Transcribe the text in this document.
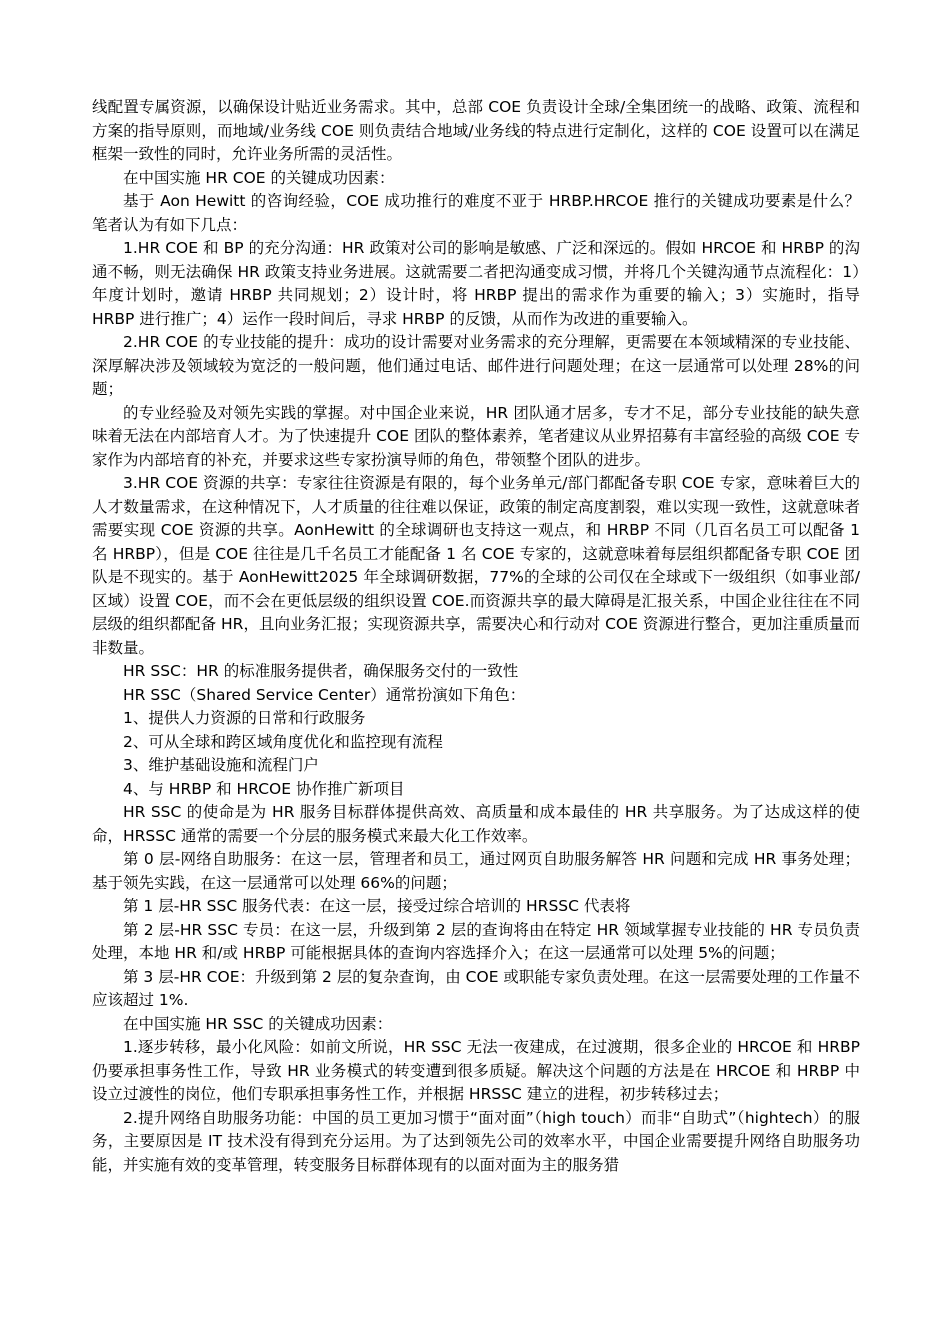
线配置专属资源，以确保设计贴近业务需求。其中，总部 COE 负责设计全球/全集团统一的战略、政策、流程和方案的指导原则，而地域/业务线 COE 则负责结合地域/业务线的特点进行定制化，这样的 COE 设置可以在满足框架一致性的同时，允许业务所需的灵活性。

在中国实施 HR COE 的关键成功因素：

基于 Aon Hewitt 的咨询经验，COE 成功推行的难度不亚于 HRBP.HRCOE 推行的关键成功要素是什么？笔者认为有如下几点：

1.HR COE 和 BP 的充分沟通：HR 政策对公司的影响是敏感、广泛和深远的。假如 HRCOE 和 HRBP 的沟通不畅，则无法确保 HR 政策支持业务进展。这就需要二者把沟通变成习惯，并将几个关键沟通节点流程化：1）年度计划时，邀请 HRBP 共同规划；2）设计时，将 HRBP 提出的需求作为重要的输入；3）实施时，指导 HRBP 进行推广；4）运作一段时间后，寻求 HRBP 的反馈，从而作为改进的重要输入。

2.HR COE 的专业技能的提升：成功的设计需要对业务需求的充分理解，更需要在本领域精深的专业技能、深厚解决涉及领域较为宽泛的一般问题，他们通过电话、邮件进行问题处理；在这一层通常可以处理 28%的问题；

的专业经验及对领先实践的掌握。对中国企业来说，HR 团队通才居多，专才不足，部分专业技能的缺失意味着无法在内部培育人才。为了快速提升 COE 团队的整体素养，笔者建议从业界招募有丰富经验的高级 COE 专家作为内部培育的补充，并要求这些专家扮演导师的角色，带领整个团队的进步。

3.HR COE 资源的共享：专家往往资源是有限的，每个业务单元/部门都配备专职 COE 专家，意味着巨大的人才数量需求，在这种情况下，人才质量的往往难以保证，政策的制定高度割裂，难以实现一致性，这就意味者需要实现 COE 资源的共享。AonHewitt 的全球调研也支持这一观点，和 HRBP 不同（几百名员工可以配备 1 名 HRBP），但是 COE 往往是几千名员工才能配备 1 名 COE 专家的，这就意味着每层组织都配备专职 COE 团队是不现实的。基于 AonHewitt2025 年全球调研数据，77%的全球的公司仅在全球或下一级组织（如事业部/区域）设置 COE，而不会在更低层级的组织设置 COE.而资源共享的最大障碍是汇报关系，中国企业往往在不同层级的组织都配备 HR，且向业务汇报；实现资源共享，需要决心和行动对 COE 资源进行整合，更加注重质量而非数量。

HR SSC：HR 的标准服务提供者，确保服务交付的一致性

HR SSC（Shared Service Center）通常扮演如下角色：

1、提供人力资源的日常和行政服务

2、可从全球和跨区域角度优化和监控现有流程

3、维护基础设施和流程门户

4、与 HRBP 和 HRCOE 协作推广新项目

HR SSC 的使命是为 HR 服务目标群体提供高效、高质量和成本最佳的 HR 共享服务。为了达成这样的使命，HRSSC 通常的需要一个分层的服务模式来最大化工作效率。

第 0 层-网络自助服务：在这一层，管理者和员工，通过网页自助服务解答 HR 问题和完成 HR 事务处理；基于领先实践，在这一层通常可以处理 66%的问题；

第 1 层-HR SSC 服务代表：在这一层，接受过综合培训的 HRSSC 代表将

第 2 层-HR SSC 专员：在这一层，升级到第 2 层的查询将由在特定 HR 领域掌握专业技能的 HR 专员负责处理，本地 HR 和/或 HRBP 可能根据具体的查询内容选择介入；在这一层通常可以处理 5%的问题；

第 3 层-HR COE：升级到第 2 层的复杂查询，由 COE 或职能专家负责处理。在这一层需要处理的工作量不应该超过 1%.

在中国实施 HR SSC 的关键成功因素：

1.逐步转移，最小化风险：如前文所说，HR SSC 无法一夜建成，在过渡期，很多企业的 HRCOE 和 HRBP 仍要承担事务性工作，导致 HR 业务模式的转变遭到很多质疑。解决这个问题的方法是在 HRCOE 和 HRBP 中设立过渡性的岗位，他们专职承担事务性工作，并根据 HRSSC 建立的进程，初步转移过去；

2.提升网络自助服务功能：中国的员工更加习惯于“面对面”（high touch）而非“自助式”（hightech）的服务，主要原因是 IT 技术没有得到充分运用。为了达到领先公司的效率水平，中国企业需要提升网络自助服务功能，并实施有效的变革管理，转变服务目标群体现有的以面对面为主的服务猎
